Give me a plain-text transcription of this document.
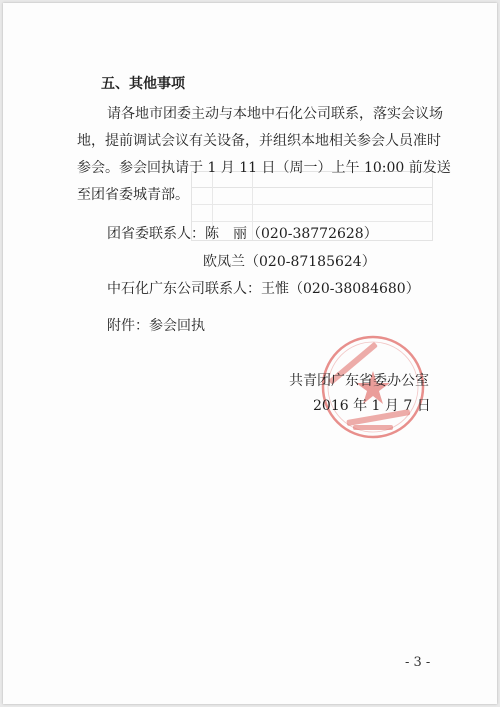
五、其他事项
请各地市团委主动与本地中石化公司联系，落实会议场
地，提前调试会议有关设备，并组织本地相关参会人员准时
参会。参会回执请于 1 月 11 日（周一）上午 10:00 前发送
至团省委城青部。
团省委联系人：陈　丽（020-38772628）
欧凤兰（020-87185624）
中石化广东公司联系人：王惟（020-38084680）
附件：参会回执
共青团广东省委办公室
2016 年 1 月 7 日
- 3 -
